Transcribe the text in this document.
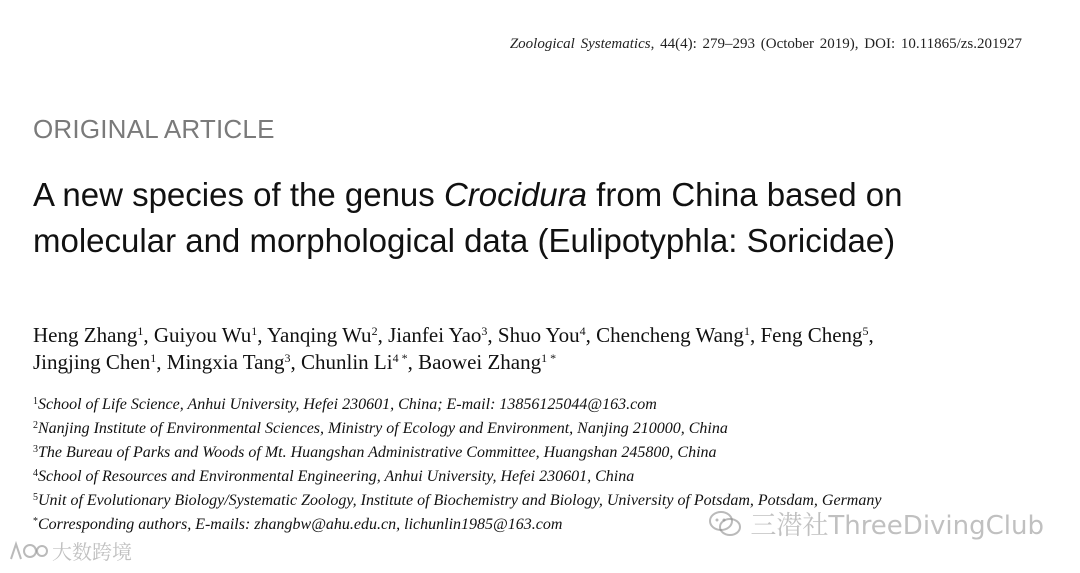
Zoological Systematics, 44(4): 279–293 (October 2019), DOI: 10.11865/zs.201927
ORIGINAL ARTICLE
A new species of the genus Crocidura from China based on molecular and morphological data (Eulipotyphla: Soricidae)
Heng Zhang$^1$, Guiyou Wu$^1$, Yanqing Wu$^2$, Jianfei Yao$^3$, Shuo You$^4$, Chencheng Wang$^1$, Feng Cheng$^5$,
Jingjing Chen$^1$, Mingxia Tang$^3$, Chunlin $Li^{4 *}$, Baowei Zhang$^{1 *}$
$^1$School of Life Science, Anhui University, Hefei 230601, China; E-mail: 13856125044@163.com
$^2$Nanjing Institute of Environmental Sciences, Ministry of Ecology and Environment, Nanjing 210000, China
$^3$The Bureau of Parks and Woods of Mt. Huangshan Administrative Committee, Huangshan 245800, China
$^4$School of Resources and Environmental Engineering, Anhui University, Hefei 230601, China
$^5$Unit of Evolutionary Biology/Systematic Zoology, Institute of Biochemistry and Biology, University of Potsdam, Potsdam, Germany
*Corresponding authors, E-mails: zhangbw@ahu.edu.cn, lichunlin1985@163.com	三潜社ThreeDivingClub
大数跨境
